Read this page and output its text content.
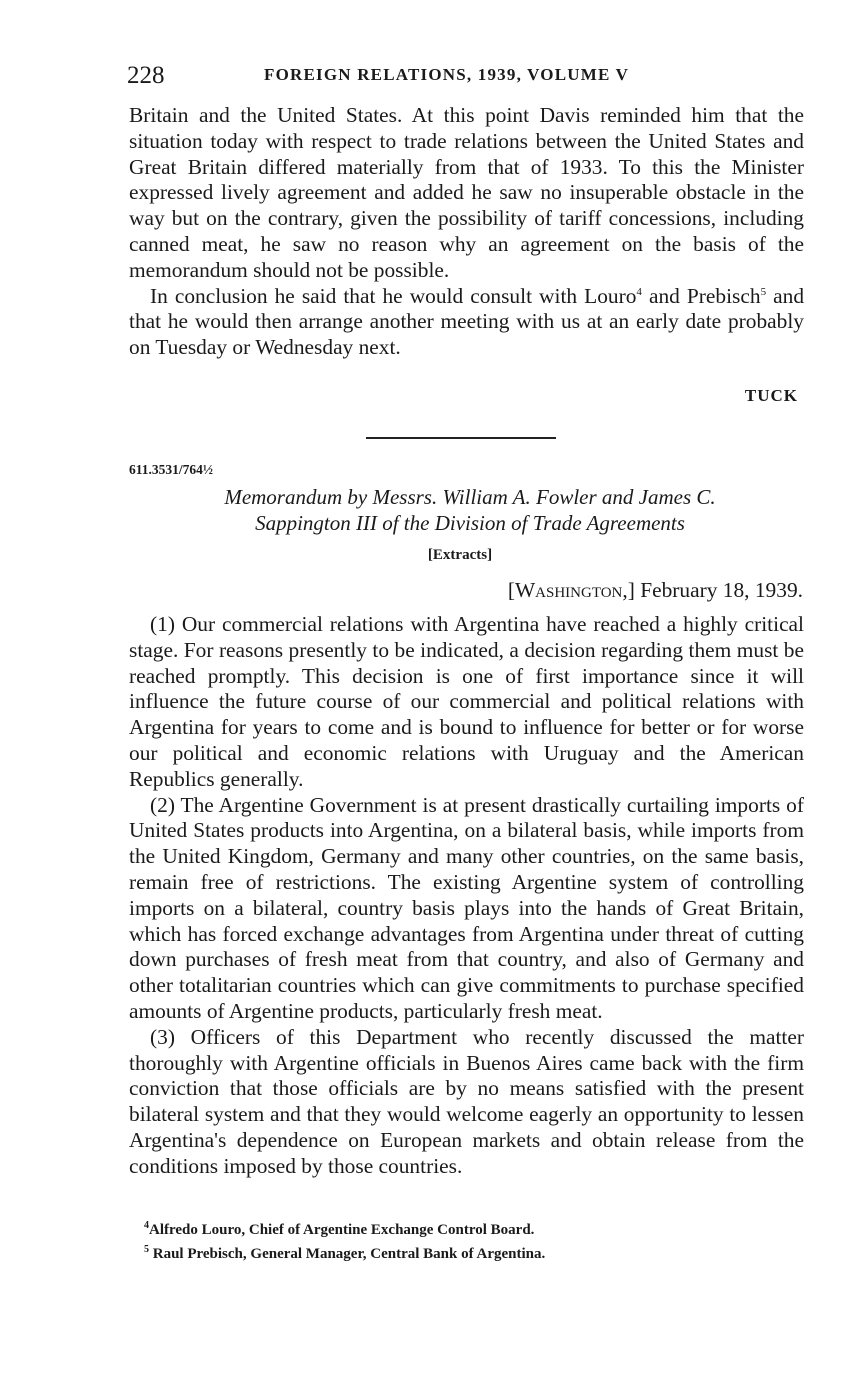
228	FOREIGN RELATIONS, 1939, VOLUME V

Britain and the United States. At this point Davis reminded him that the situation today with respect to trade relations between the United States and Great Britain differed materially from that of 1933. To this the Minister expressed lively agreement and added he saw no insuperable obstacle in the way but on the contrary, given the possibility of tariff concessions, including canned meat, he saw no reason why an agreement on the basis of the memorandum should not be possible.

In conclusion he said that he would consult with Louro$^4$ and Prebisch$^5$ and that he would then arrange another meeting with us at an early date probably on Tuesday or Wednesday next.

TUCK
611.3531/764½
Memorandum by Messrs. William A. Fowler and James C.
Sappington III of the Division of Trade Agreements
[Extracts]
[Washington,] February 18, 1939.

(1) Our commercial relations with Argentina have reached a highly critical stage. For reasons presently to be indicated, a decision regarding them must be reached promptly. This decision is one of first importance since it will influence the future course of our commercial and political relations with Argentina for years to come and is bound to influence for better or for worse our political and economic relations with Uruguay and the American Republics generally.

(2) The Argentine Government is at present drastically curtailing imports of United States products into Argentina, on a bilateral basis, while imports from the United Kingdom, Germany and many other countries, on the same basis, remain free of restrictions. The existing Argentine system of controlling imports on a bilateral, country basis plays into the hands of Great Britain, which has forced exchange advantages from Argentina under threat of cutting down purchases of fresh meat from that country, and also of Germany and other totalitarian countries which can give commitments to purchase specified amounts of Argentine products, particularly fresh meat.

(3) Officers of this Department who recently discussed the matter thoroughly with Argentine officials in Buenos Aires came back with the firm conviction that those officials are by no means satisfied with the present bilateral system and that they would welcome eagerly an opportunity to lessen Argentina's dependence on European markets and obtain release from the conditions imposed by those countries.

$^4$Alfredo Louro, Chief of Argentine Exchange Control Board.
$^5$ Raul Prebisch, General Manager, Central Bank of Argentina.
